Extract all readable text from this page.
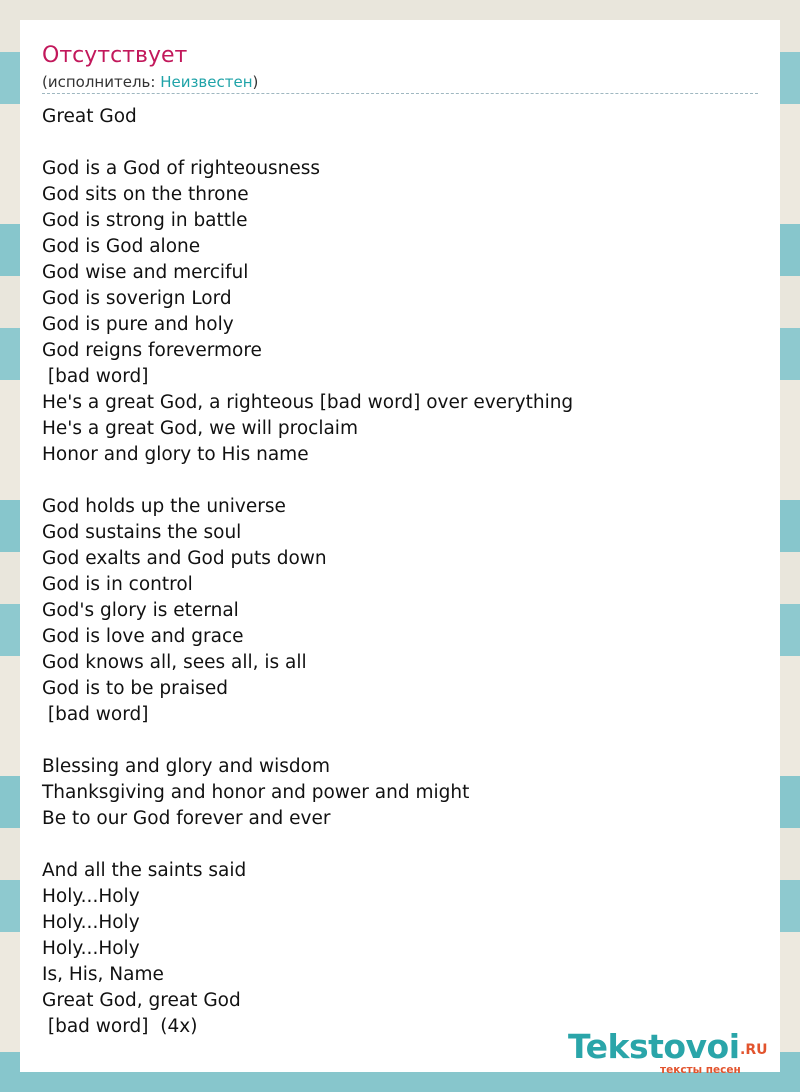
Отсутствует
(исполнитель: Неизвестен)
Great God
God is a God of righteousness
God sits on the throne
God is strong in battle
God is God alone
God wise and merciful
God is soverign Lord
God is pure and holy
God reigns forevermore
[bad word]
He's a great God, a righteous [bad word] over everything
He's a great God, we will proclaim
Honor and glory to His name
God holds up the universe
God sustains the soul
God exalts and God puts down
God is in control
God's glory is eternal
God is love and grace
God knows all, sees all, is all
God is to be praised
[bad word]
Blessing and glory and wisdom
Thanksgiving and honor and power and might
Be to our God forever and ever
And all the saints said
Holy...Holy
Holy...Holy
Holy...Holy
Is, His, Name
Great God, great God
[bad word]  (4x)
Tekstovoi .RU
тексты песен
